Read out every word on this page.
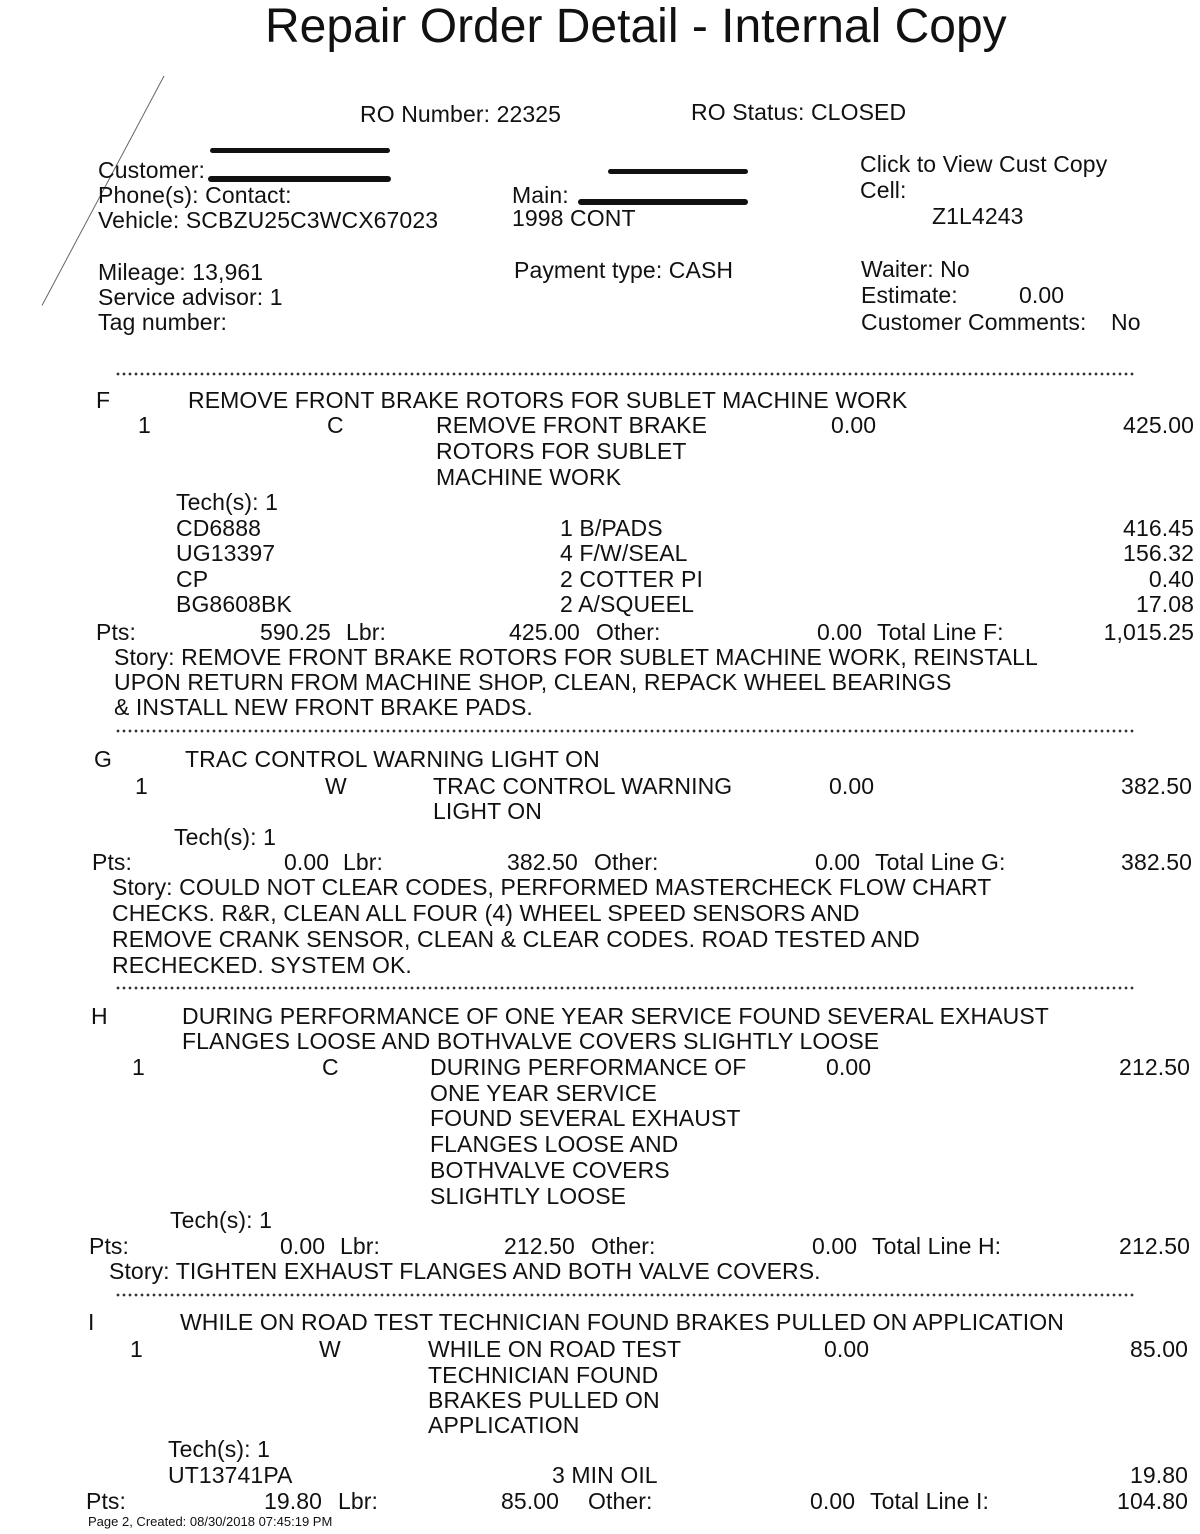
Repair Order Detail - Internal Copy
RO Number: 22325	RO Status: CLOSED
Customer:
Phone(s): Contact:
Vehicle: SCBZU25C3WCX67023
Main:
1998 CONT
Click to View Cust Copy
Cell:
Z1L4243
Mileage: 13,961
Service advisor: 1
Tag number:
Payment type: CASH	Waiter: No
Estimate:	0.00
Customer Comments: No
F	REMOVE FRONT BRAKE ROTORS FOR SUBLET MACHINE WORK
1	C	REMOVE FRONT BRAKE
ROTORS FOR SUBLET
MACHINE WORK
0.00	425.00
Tech(s): 1
CD6888	1 B/PADS	416.45
UG13397	4 F/W/SEAL	156.32
CP	2 COTTER PI	0.40
BG8608BK	2 A/SQUEEL	17.08
Pts:	590.25 Lbr:	425.00 Other:	0.00 Total Line F:	1,015.25
Story: REMOVE FRONT BRAKE ROTORS FOR SUBLET MACHINE WORK, REINSTALL
UPON RETURN FROM MACHINE SHOP, CLEAN, REPACK WHEEL BEARINGS
& INSTALL NEW FRONT BRAKE PADS.
G	TRAC CONTROL WARNING LIGHT ON
1	W	TRAC CONTROL WARNING
LIGHT ON
0.00	382.50
Tech(s): 1
Pts:	0.00 Lbr:	382.50 Other:	0.00 Total Line G:	382.50
Story: COULD NOT CLEAR CODES, PERFORMED MASTERCHECK FLOW CHART
CHECKS. R&R, CLEAN ALL FOUR (4) WHEEL SPEED SENSORS AND
REMOVE CRANK SENSOR, CLEAN & CLEAR CODES. ROAD TESTED AND
RECHECKED. SYSTEM OK.
H	DURING PERFORMANCE OF ONE YEAR SERVICE FOUND SEVERAL EXHAUST
FLANGES LOOSE AND BOTHVALVE COVERS SLIGHTLY LOOSE
1	C	DURING PERFORMANCE OF
ONE YEAR SERVICE
FOUND SEVERAL EXHAUST
FLANGES LOOSE AND
BOTHVALVE COVERS
SLIGHTLY LOOSE
0.00	212.50
Tech(s): 1
Pts:	0.00 Lbr:	212.50 Other:	0.00 Total Line H:	212.50
Story: TIGHTEN EXHAUST FLANGES AND BOTH VALVE COVERS.
I	WHILE ON ROAD TEST TECHNICIAN FOUND BRAKES PULLED ON APPLICATION
1	W	WHILE ON ROAD TEST
TECHNICIAN FOUND
BRAKES PULLED ON
APPLICATION
0.00	85.00
Tech(s): 1
UT13741PA	3 MIN OIL	19.80
Pts:	19.80 Lbr:	85.00 Other:	0.00 Total Line I:	104.80
Page 2, Created: 08/30/2018 07:45:19 PM
